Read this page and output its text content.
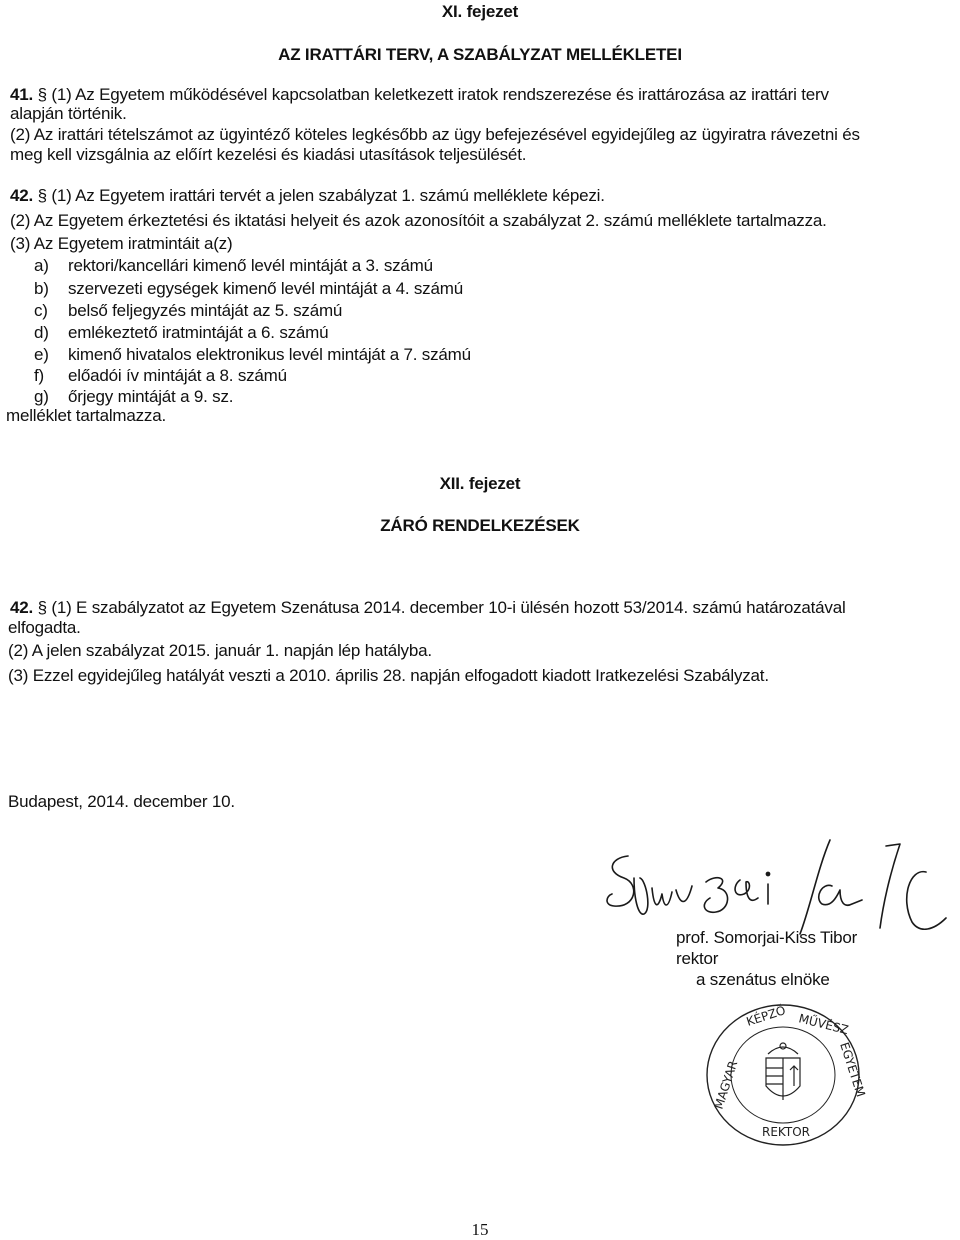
XI. fejezet
AZ IRATTÁRI TERV, A SZABÁLYZAT MELLÉKLETEI
41. § (1) Az Egyetem működésével kapcsolatban keletkezett iratok rendszerezése és irattározása az irattári terv
alapján történik.
(2) Az irattári tételszámot az ügyintéző köteles legkésőbb az ügy befejezésével egyidejűleg az ügyiratra rávezetni és
meg kell vizsgálnia az előírt kezelési és kiadási utasítások teljesülését.
42. § (1) Az Egyetem irattári tervét a jelen szabályzat 1. számú melléklete képezi.
(2) Az Egyetem érkeztetési és iktatási helyeit és azok azonosítóit a szabályzat 2. számú melléklete tartalmazza.
(3) Az Egyetem iratmintáit a(z)
a) rektori/kancellári kimenő levél mintáját a 3. számú
b) szervezeti egységek kimenő levél mintáját a 4. számú
c) belső feljegyzés mintáját az 5. számú
d) emlékeztető iratmintáját a 6. számú
e) kimenő hivatalos elektronikus levél mintáját a 7. számú
f) előadói ív mintáját a 8. számú
g) őrjegy mintáját a 9. sz.
melléklet tartalmazza.
XII. fejezet
ZÁRÓ RENDELKEZÉSEK
42. § (1) E szabályzatot az Egyetem Szenátusa 2014. december 10-i ülésén hozott 53/2014. számú határozatával
elfogadta.
(2) A jelen szabályzat 2015. január 1. napján lép hatályba.
(3) Ezzel egyidejűleg hatályát veszti a 2010. április 28. napján elfogadott kiadott Iratkezelési Szabályzat.
Budapest, 2014. december 10.
prof. Somorjai-Kiss Tibor
rektor
a szenátus elnöke
KÉPZŐ MŰVÉSZ
MAGYAR	EGYETEM
REKTOR
15
